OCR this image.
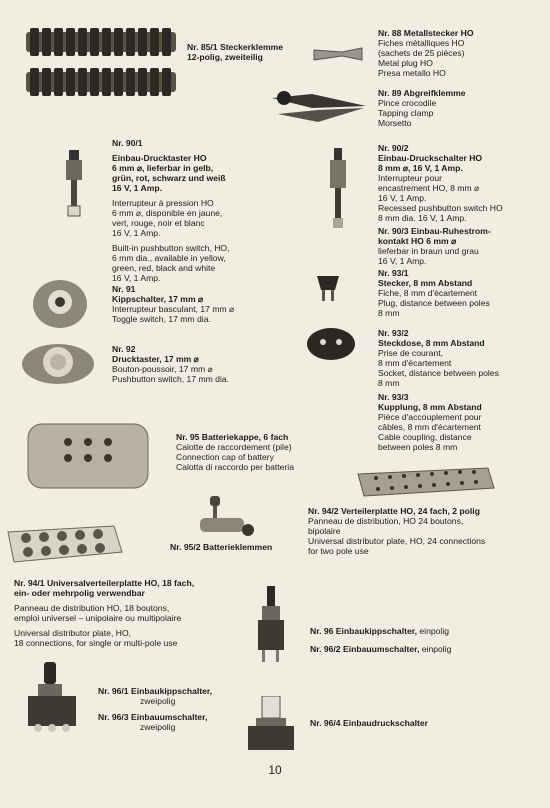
Nr. 85/1 Steckerklemme
12-polig, zweiteilig
Nr. 88 Metallstecker HO
Fiches métalliques HO
(sachets de 25 pièces)
Metal plug HO
Presa metallo HO
Nr. 89 Abgreifklemme
Pince crocodile
Tapping clamp
Morsetto
Nr. 90/1
Einbau-Drucktaster HO
6 mm ⌀, lieferbar in gelb,
grün, rot, schwarz und weiß
16 V, 1 Amp.
Interrupteur à pression HO
6 mm ⌀, disponible en jaune,
vert, rouge, noir et blanc
16 V, 1 Amp.
Built-in pushbutton switch, HO,
6 mm dia., available in yellow,
green, red, black and white
16 V, 1 Amp.
Nr. 90/2
Einbau-Druckschalter HO
8 mm ⌀, 16 V, 1 Amp.
Interrupteur pour
encastrement HO, 8 mm ⌀
16 V, 1 Amp.
Recessed pushbutton switch HO
8 mm dia. 16 V, 1 Amp.
Nr. 90/3 Einbau-Ruhestrom-
kontakt HO 6 mm ⌀
lieferbar in braun und grau
16 V, 1 Amp.
Nr. 93/1
Stecker, 8 mm Abstand
Fiche, 8 mm d'écartement
Plug, distance between poles
8 mm
Nr. 91
Kippschalter, 17 mm ⌀
Interrupteur basculant, 17 mm ⌀
Toggle switch, 17 mm dia.
Nr. 93/2
Steckdose, 8 mm Abstand
Prise de courant,
8 mm d'écartement
Socket, distance between poles
8 mm
Nr. 92
Drucktaster, 17 mm ⌀
Bouton-poussoir, 17 mm ⌀
Pushbutton switch, 17 mm dia.
Nr. 93/3
Kupplung, 8 mm Abstand
Pièce d'accouplement pour
câbles, 8 mm d'écartement
Cable coupling, distance
between poles 8 mm
Nr. 95 Batteriekappe, 6 fach
Calotte de raccordement (pile)
Connection cap of battery
Calotta di raccordo per batteria
Nr. 94/2 Verteilerplatte HO, 24 fach, 2 polig
Panneau de distribution, HO 24 boutons,
bipolaire
Universal distributor plate, HO, 24 connections
for two pole use
Nr. 95/2 Batterieklemmen
Nr. 94/1 Universalverteilerplatte HO, 18 fach,
ein- oder mehrpolig verwendbar
Panneau de distribution HO, 18 boutons,
emploi universel – unipolaire ou multipolaire
Universal distributor plate, HO,
18 connections, for single or multi-pole use
Nr. 96 Einbaukippschalter, einpolig
Nr. 96/2 Einbauumschalter, einpolig
Nr. 96/1 Einbaukippschalter,
zweipolig
Nr. 96/3 Einbauumschalter,
zweipolig	Nr. 96/4 Einbaudruckschalter
10
